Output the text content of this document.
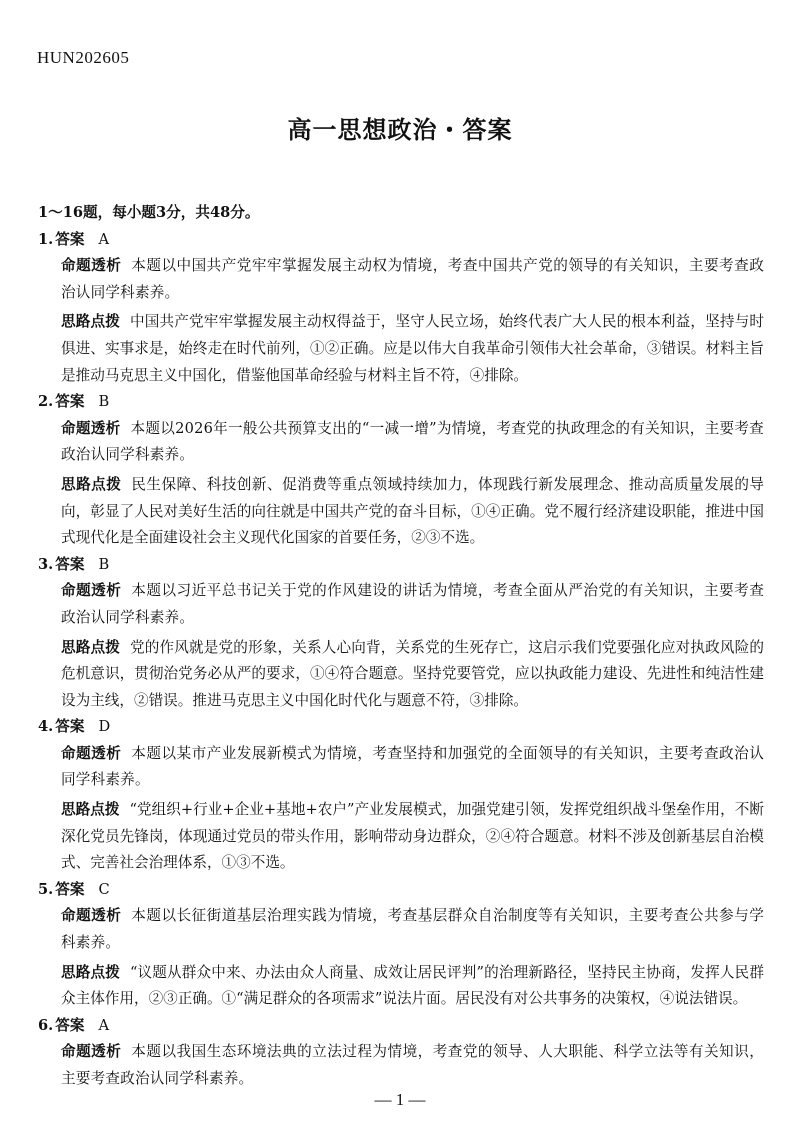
HUN202605
高一思想政治・答案

1～16题，每小题3分，共48分。

1. 答案 A

命题透析 本题以中国共产党牢牢掌握发展主动权为情境，考查中国共产党的领导的有关知识，主要考查政治认同学科素养。

思路点拨 中国共产党牢牢掌握发展主动权得益于，坚守人民立场，始终代表广大人民的根本利益，坚持与时俱进、实事求是，始终走在时代前列，①②正确。应是以伟大自我革命引领伟大社会革命，③错误。材料主旨是推动马克思主义中国化，借鉴他国革命经验与材料主旨不符，④排除。

2. 答案 B

命题透析 本题以2026年一般公共预算支出的“一减一增”为情境，考查党的执政理念的有关知识，主要考查政治认同学科素养。

思路点拨 民生保障、科技创新、促消费等重点领域持续加力，体现践行新发展理念、推动高质量发展的导向，彰显了人民对美好生活的向往就是中国共产党的奋斗目标，①④正确。党不履行经济建设职能，推进中国式现代化是全面建设社会主义现代化国家的首要任务，②③不选。

3. 答案 B

命题透析 本题以习近平总书记关于党的作风建设的讲话为情境，考查全面从严治党的有关知识，主要考查政治认同学科素养。

思路点拨 党的作风就是党的形象，关系人心向背，关系党的生死存亡，这启示我们党要强化应对执政风险的危机意识，贯彻治党务必从严的要求，①④符合题意。坚持党要管党，应以执政能力建设、先进性和纯洁性建设为主线，②错误。推进马克思主义中国化时代化与题意不符，③排除。

4. 答案 D

命题透析 本题以某市产业发展新模式为情境，考查坚持和加强党的全面领导的有关知识，主要考查政治认同学科素养。

思路点拨 “党组织+行业+企业+基地+农户”产业发展模式，加强党建引领，发挥党组织战斗堡垒作用，不断深化党员先锋岗，体现通过党员的带头作用，影响带动身边群众，②④符合题意。材料不涉及创新基层自治模式、完善社会治理体系，①③不选。

5. 答案 C

命题透析 本题以长征街道基层治理实践为情境，考查基层群众自治制度等有关知识，主要考查公共参与学科素养。

思路点拨 “议题从群众中来、办法由众人商量、成效让居民评判”的治理新路径，坚持民主协商，发挥人民群众主体作用，②③正确。①“满足群众的各项需求”说法片面。居民没有对公共事务的决策权，④说法错误。

6. 答案 A

命题透析 本题以我国生态环境法典的立法过程为情境，考查党的领导、人大职能、科学立法等有关知识，主要考查政治认同学科素养。

— 1 —
